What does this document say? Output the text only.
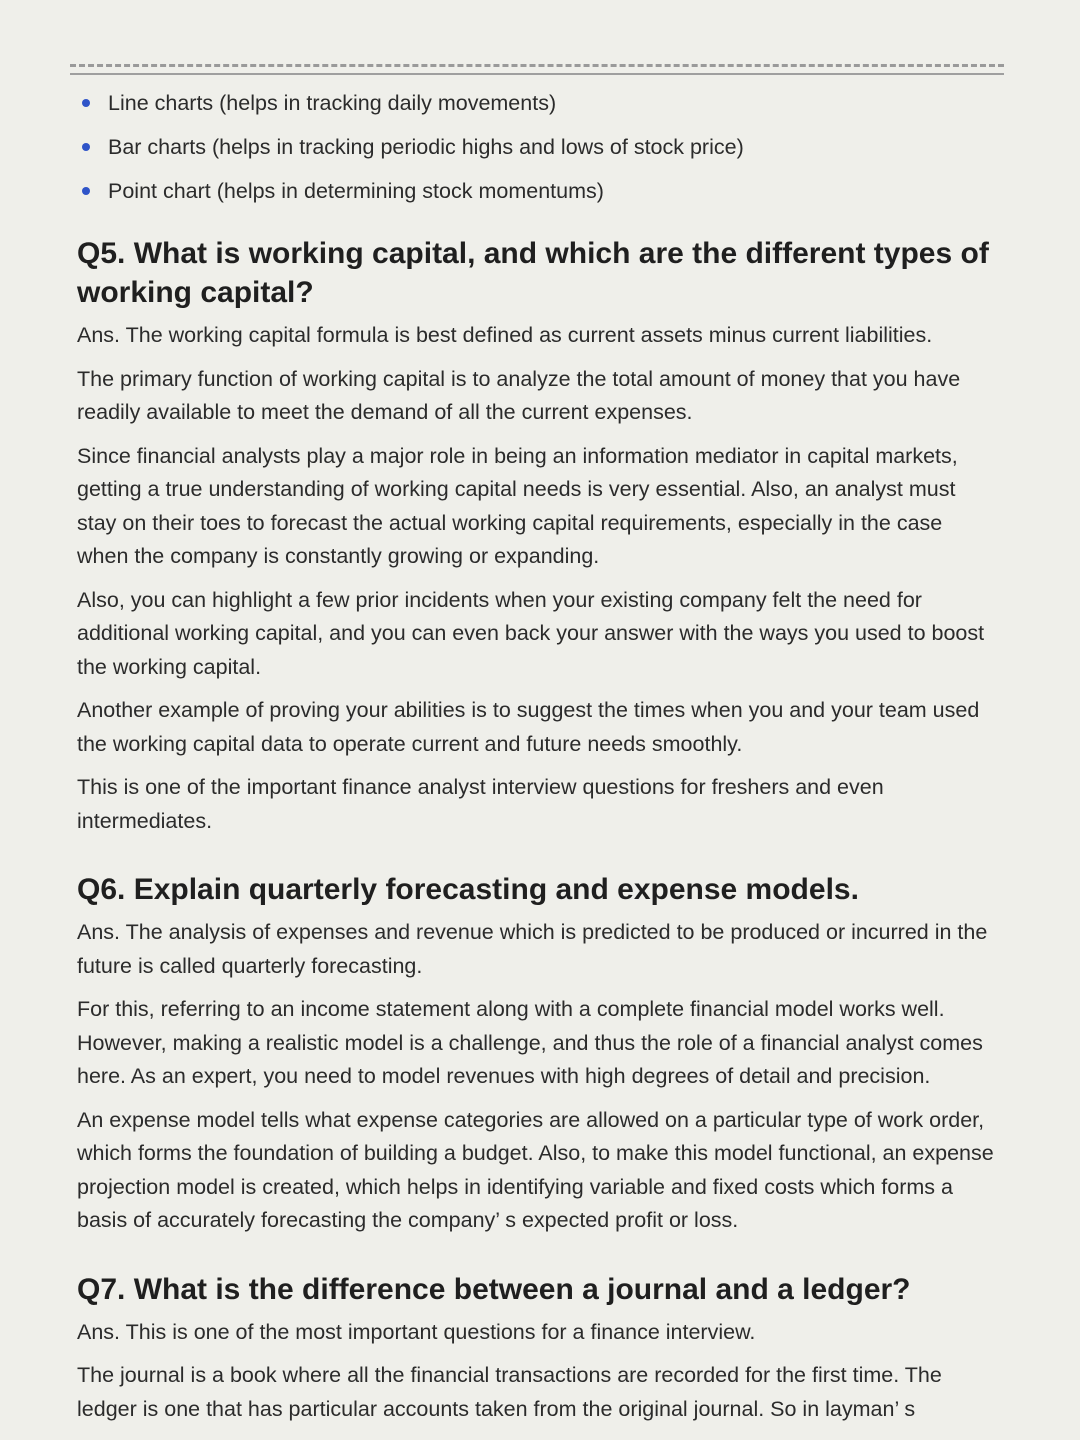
Line charts (helps in tracking daily movements)
Bar charts (helps in tracking periodic highs and lows of stock price)
Point chart (helps in determining stock momentums)
Q5. What is working capital, and which are the different types of working capital?

Ans. The working capital formula is best defined as current assets minus current liabilities.

The primary function of working capital is to analyze the total amount of money that you have readily available to meet the demand of all the current expenses.

Since financial analysts play a major role in being an information mediator in capital markets, getting a true understanding of working capital needs is very essential. Also, an analyst must stay on their toes to forecast the actual working capital requirements, especially in the case when the company is constantly growing or expanding.

Also, you can highlight a few prior incidents when your existing company felt the need for additional working capital, and you can even back your answer with the ways you used to boost the working capital.

Another example of proving your abilities is to suggest the times when you and your team used the working capital data to operate current and future needs smoothly.

This is one of the important finance analyst interview questions for freshers and even intermediates.

Q6. Explain quarterly forecasting and expense models.

Ans. The analysis of expenses and revenue which is predicted to be produced or incurred in the future is called quarterly forecasting.

For this, referring to an income statement along with a complete financial model works well. However, making a realistic model is a challenge, and thus the role of a financial analyst comes here. As an expert, you need to model revenues with high degrees of detail and precision.

An expense model tells what expense categories are allowed on a particular type of work order, which forms the foundation of building a budget. Also, to make this model functional, an expense projection model is created, which helps in identifying variable and fixed costs which forms a basis of accurately forecasting the company’ s expected profit or loss.

Q7. What is the difference between a journal and a ledger?

Ans. This is one of the most important questions for a finance interview.

The journal is a book where all the financial transactions are recorded for the first time. The ledger is one that has particular accounts taken from the original journal. So in layman’ s
